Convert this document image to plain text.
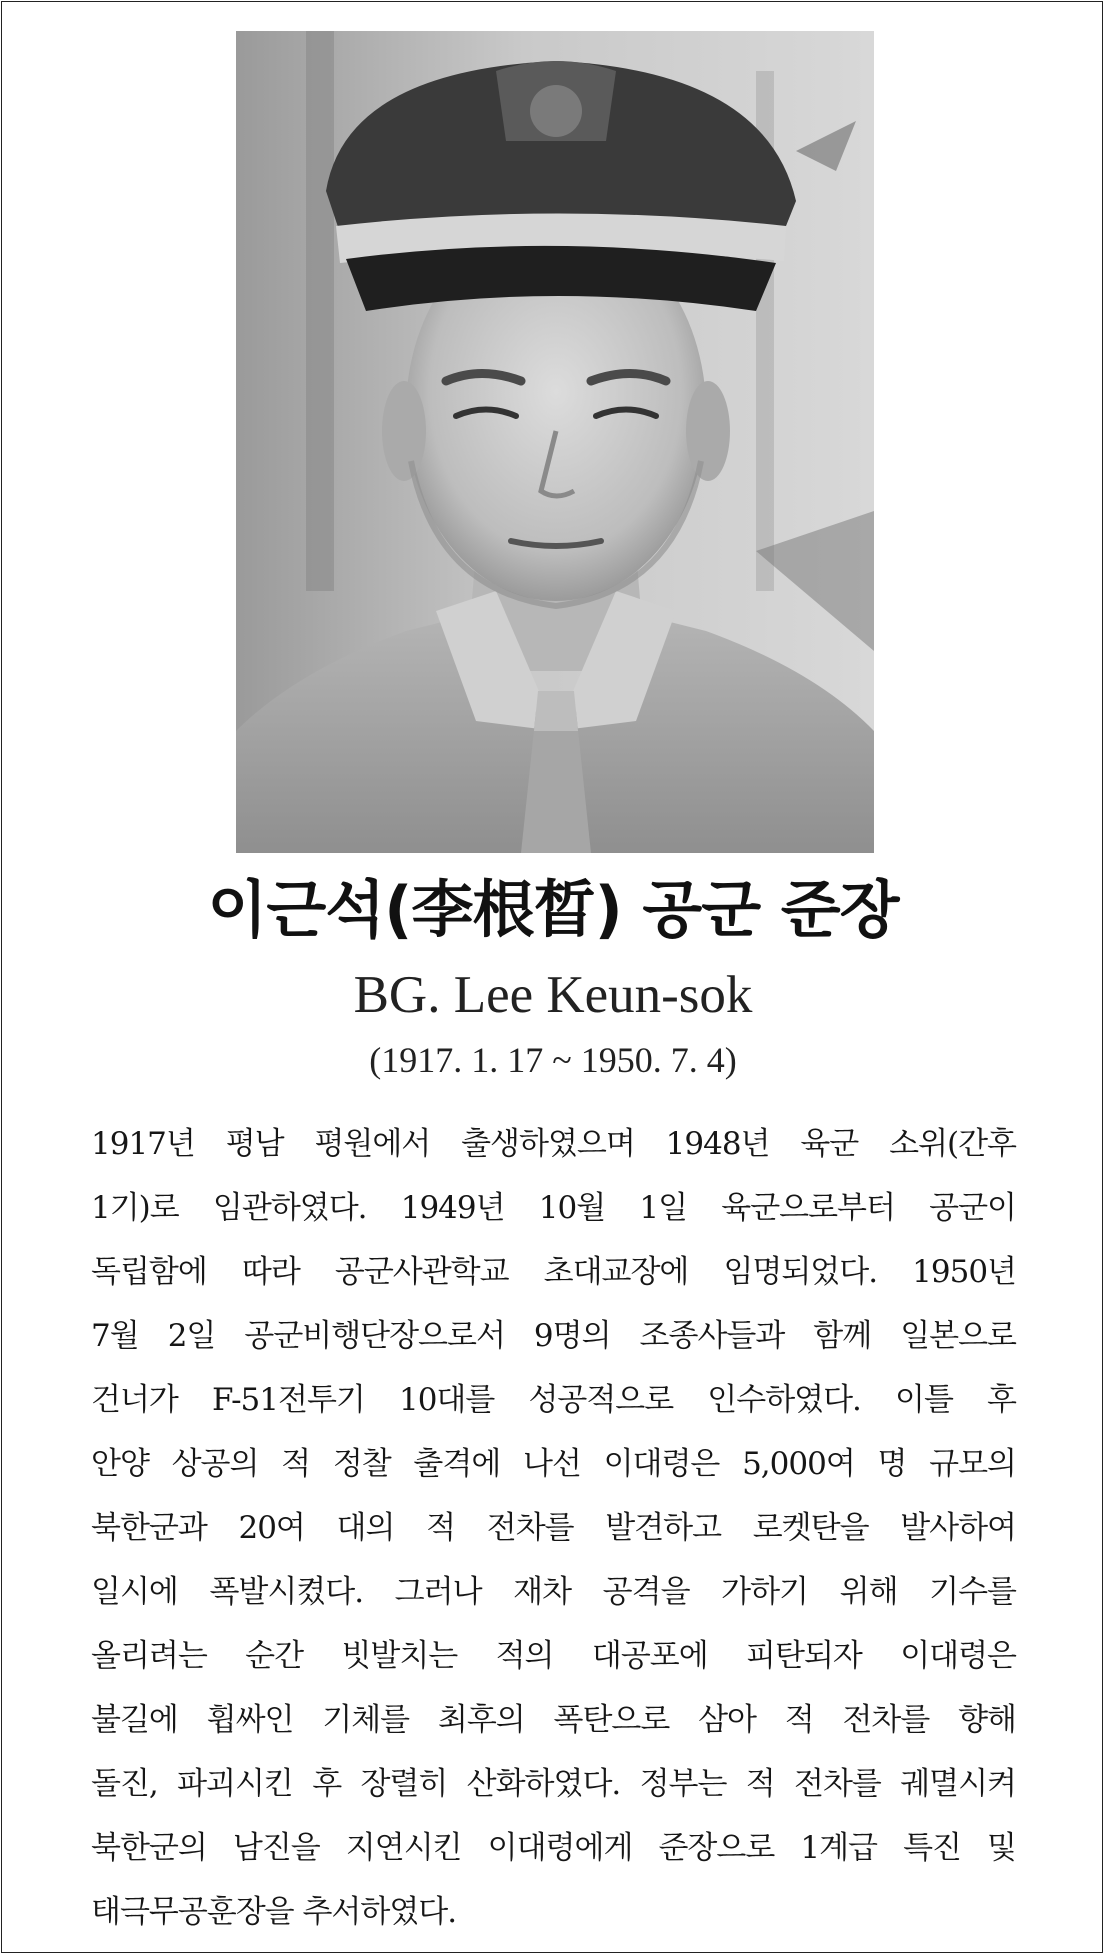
이근석(李根晳) 공군 준장
BG. Lee Keun-sok
(1917. 1. 17 ~ 1950. 7. 4)
1917년 평남 평원에서 출생하였으며 1948년 육군 소위(간후
1기)로 임관하였다. 1949년 10월 1일 육군으로부터 공군이
독립함에 따라 공군사관학교 초대교장에 임명되었다. 1950년
7월 2일 공군비행단장으로서 9명의 조종사들과 함께 일본으로
건너가 F-51전투기 10대를 성공적으로 인수하였다. 이틀 후
안양 상공의 적 정찰 출격에 나선 이대령은 5,000여 명 규모의
북한군과 20여 대의 적 전차를 발견하고 로켓탄을 발사하여
일시에 폭발시켰다. 그러나 재차 공격을 가하기 위해 기수를
올리려는 순간 빗발치는 적의 대공포에 피탄되자 이대령은
불길에 휩싸인 기체를 최후의 폭탄으로 삼아 적 전차를 향해
돌진, 파괴시킨 후 장렬히 산화하였다. 정부는 적 전차를 궤멸시켜
북한군의 남진을 지연시킨 이대령에게 준장으로 1계급 특진 및
태극무공훈장을 추서하였다.
